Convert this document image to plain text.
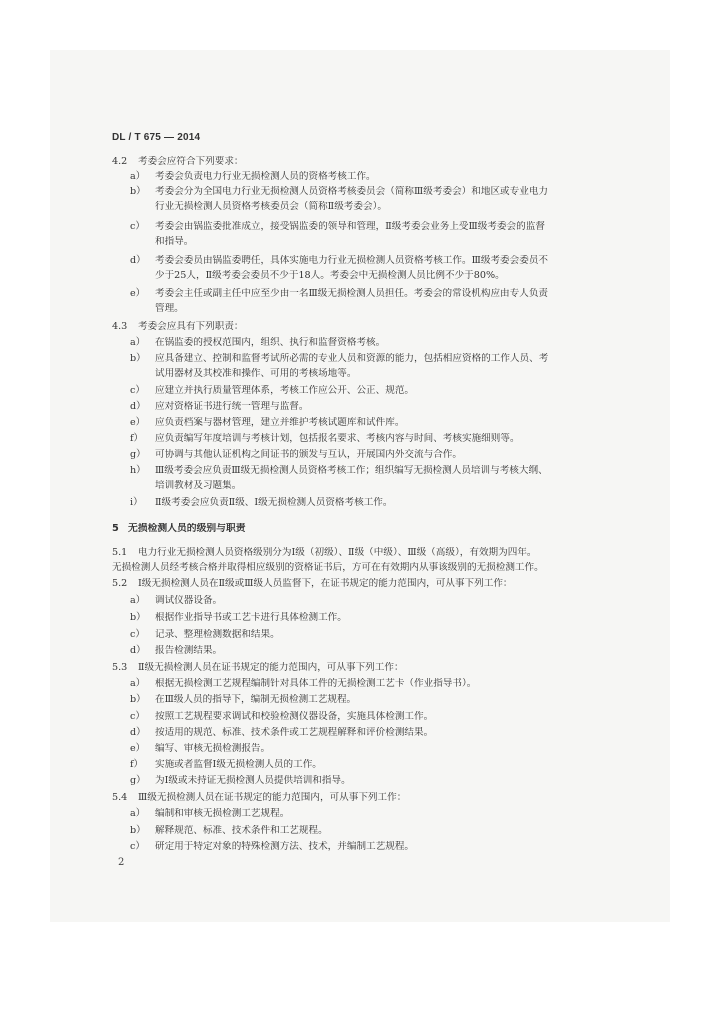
DL / T 675 — 2014
4.2 考委会应符合下列要求：
a） 考委会负责电力行业无损检测人员的资格考核工作。
b） 考委会分为全国电力行业无损检测人员资格考核委员会（简称Ⅲ级考委会）和地区或专业电力
行业无损检测人员资格考核委员会（简称Ⅱ级考委会）。
c） 考委会由锅监委批准成立，接受锅监委的领导和管理，Ⅱ级考委会业务上受Ⅲ级考委会的监督
和指导。
d） 考委会委员由锅监委聘任，具体实施电力行业无损检测人员资格考核工作。Ⅲ级考委会委员不
少于25人，Ⅱ级考委会委员不少于18人。考委会中无损检测人员比例不少于80%。
e） 考委会主任或副主任中应至少由一名Ⅲ级无损检测人员担任。考委会的常设机构应由专人负责
管理。
4.3 考委会应具有下列职责：
a） 在锅监委的授权范围内，组织、执行和监督资格考核。
b） 应具备建立、控制和监督考试所必需的专业人员和资源的能力，包括相应资格的工作人员、考
试用器材及其校准和操作、可用的考核场地等。
c） 应建立并执行质量管理体系，考核工作应公开、公正、规范。
d） 应对资格证书进行统一管理与监督。
e） 应负责档案与器材管理，建立并维护考核试题库和试件库。
f） 应负责编写年度培训与考核计划，包括报名要求、考核内容与时间、考核实施细则等。
g） 可协调与其他认证机构之间证书的颁发与互认，开展国内外交流与合作。
h） Ⅲ级考委会应负责Ⅲ级无损检测人员资格考核工作；组织编写无损检测人员培训与考核大纲、
培训教材及习题集。
i） Ⅱ级考委会应负责Ⅱ级、Ⅰ级无损检测人员资格考核工作。
5 无损检测人员的级别与职责
5.1 电力行业无损检测人员资格级别分为Ⅰ级（初级）、Ⅱ级（中级）、Ⅲ级（高级），有效期为四年。
无损检测人员经考核合格并取得相应级别的资格证书后，方可在有效期内从事该级别的无损检测工作。
5.2 Ⅰ级无损检测人员在Ⅱ级或Ⅲ级人员监督下，在证书规定的能力范围内，可从事下列工作：
a） 调试仪器设备。
b） 根据作业指导书或工艺卡进行具体检测工作。
c） 记录、整理检测数据和结果。
d） 报告检测结果。
5.3 Ⅱ级无损检测人员在证书规定的能力范围内，可从事下列工作：
a） 根据无损检测工艺规程编制针对具体工件的无损检测工艺卡（作业指导书）。
b） 在Ⅲ级人员的指导下，编制无损检测工艺规程。
c） 按照工艺规程要求调试和校验检测仪器设备，实施具体检测工作。
d） 按适用的规范、标准、技术条件或工艺规程解释和评价检测结果。
e） 编写、审核无损检测报告。
f） 实施或者监督Ⅰ级无损检测人员的工作。
g） 为Ⅰ级或未持证无损检测人员提供培训和指导。
5.4 Ⅲ级无损检测人员在证书规定的能力范围内，可从事下列工作：
a） 编制和审核无损检测工艺规程。
b） 解释规范、标准、技术条件和工艺规程。
c） 研定用于特定对象的特殊检测方法、技术，并编制工艺规程。
2
